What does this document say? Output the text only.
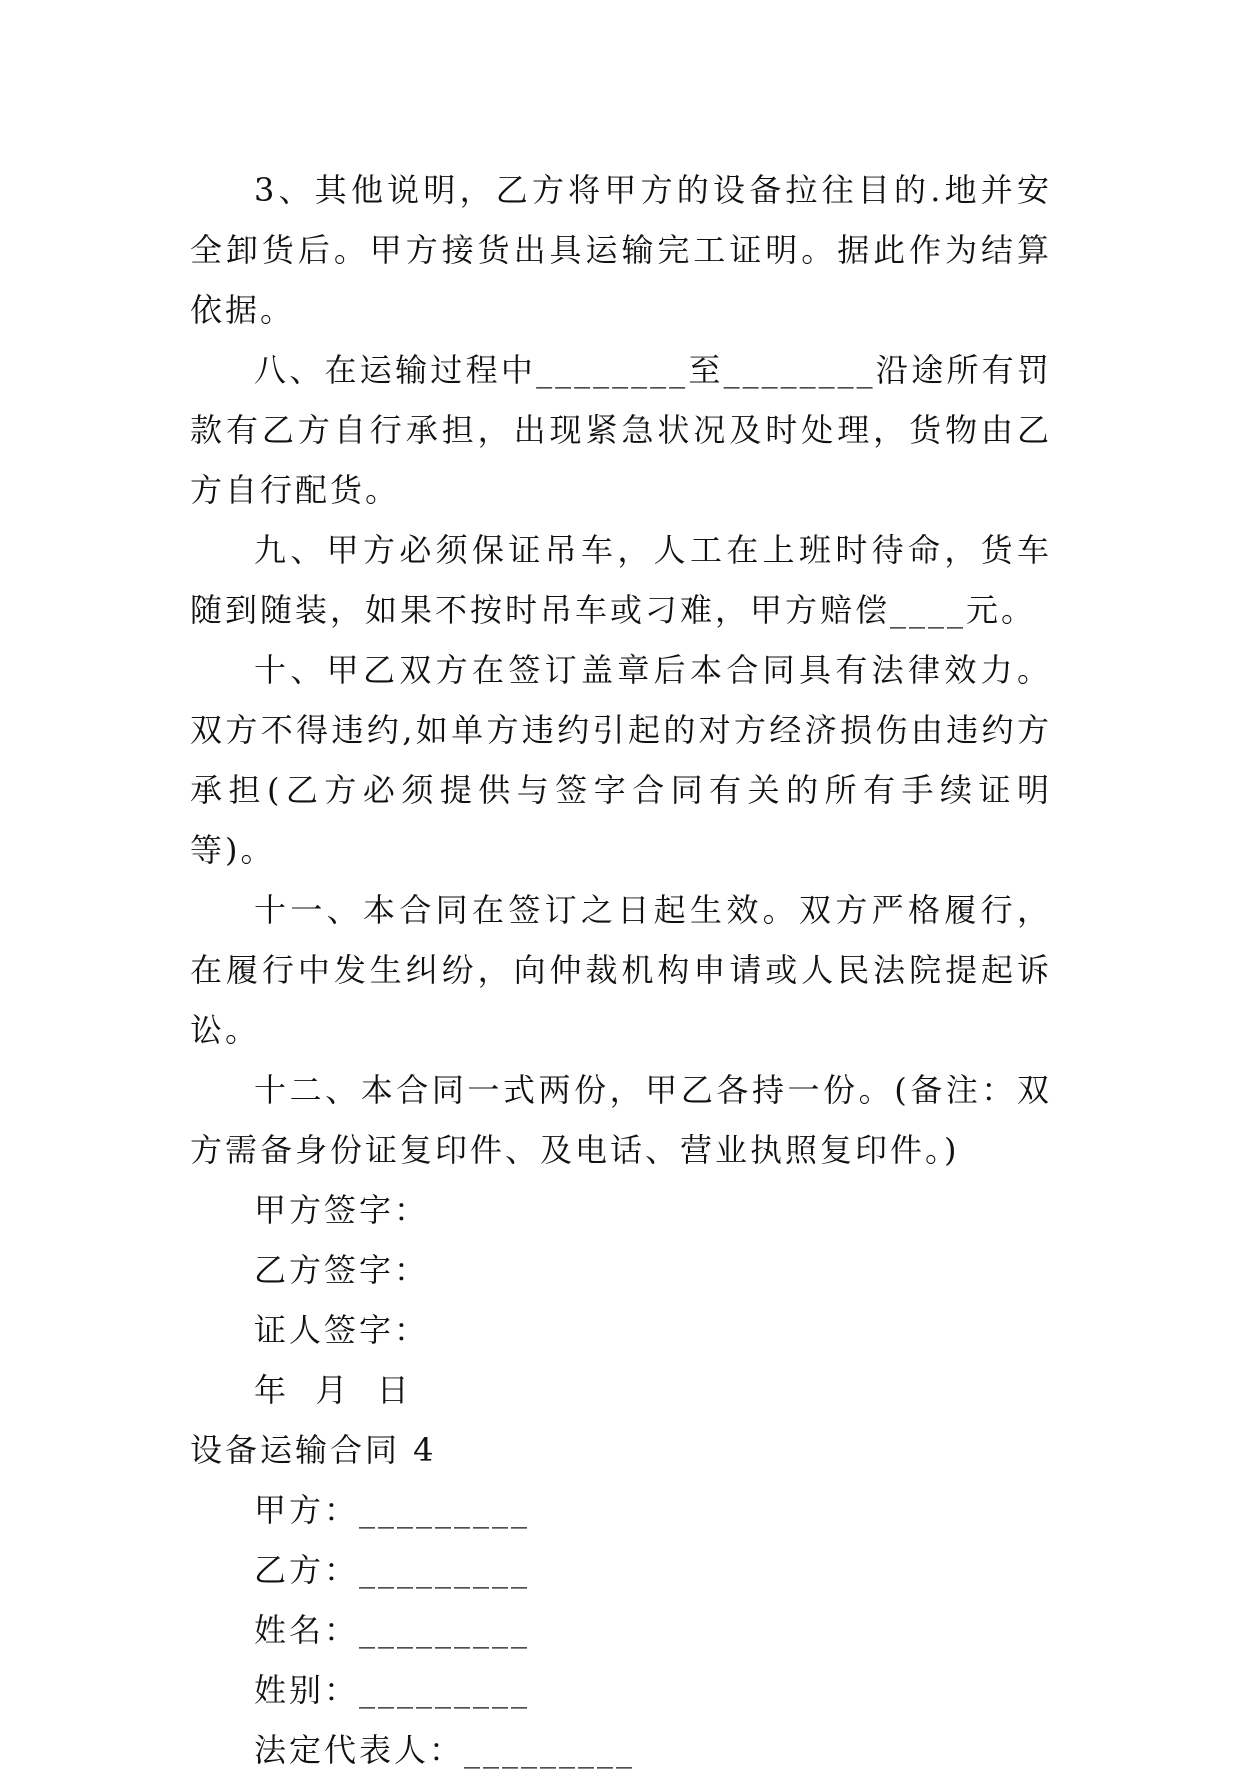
3、其他说明，乙方将甲方的设备拉往目的.地并安全卸货后。甲方接货出具运输完工证明。据此作为结算依据。

八、在运输过程中________至________沿途所有罚款有乙方自行承担，出现紧急状况及时处理，货物由乙方自行配货。

九、甲方必须保证吊车，人工在上班时待命，货车随到随装，如果不按时吊车或刁难，甲方赔偿____元。

十、甲乙双方在签订盖章后本合同具有法律效力。双方不得违约,如单方违约引起的对方经济损伤由违约方承担(乙方必须提供与签字合同有关的所有手续证明等)。

十一、本合同在签订之日起生效。双方严格履行，在履行中发生纠纷，向仲裁机构申请或人民法院提起诉讼。

十二、本合同一式两份，甲乙各持一份。(备注：双方需备身份证复印件、及电话、营业执照复印件。)

甲方签字：

乙方签字：

证人签字：

年  月  日

设备运输合同 4

甲方：_________

乙方：_________

姓名：_________

姓别：_________

法定代表人：_________
